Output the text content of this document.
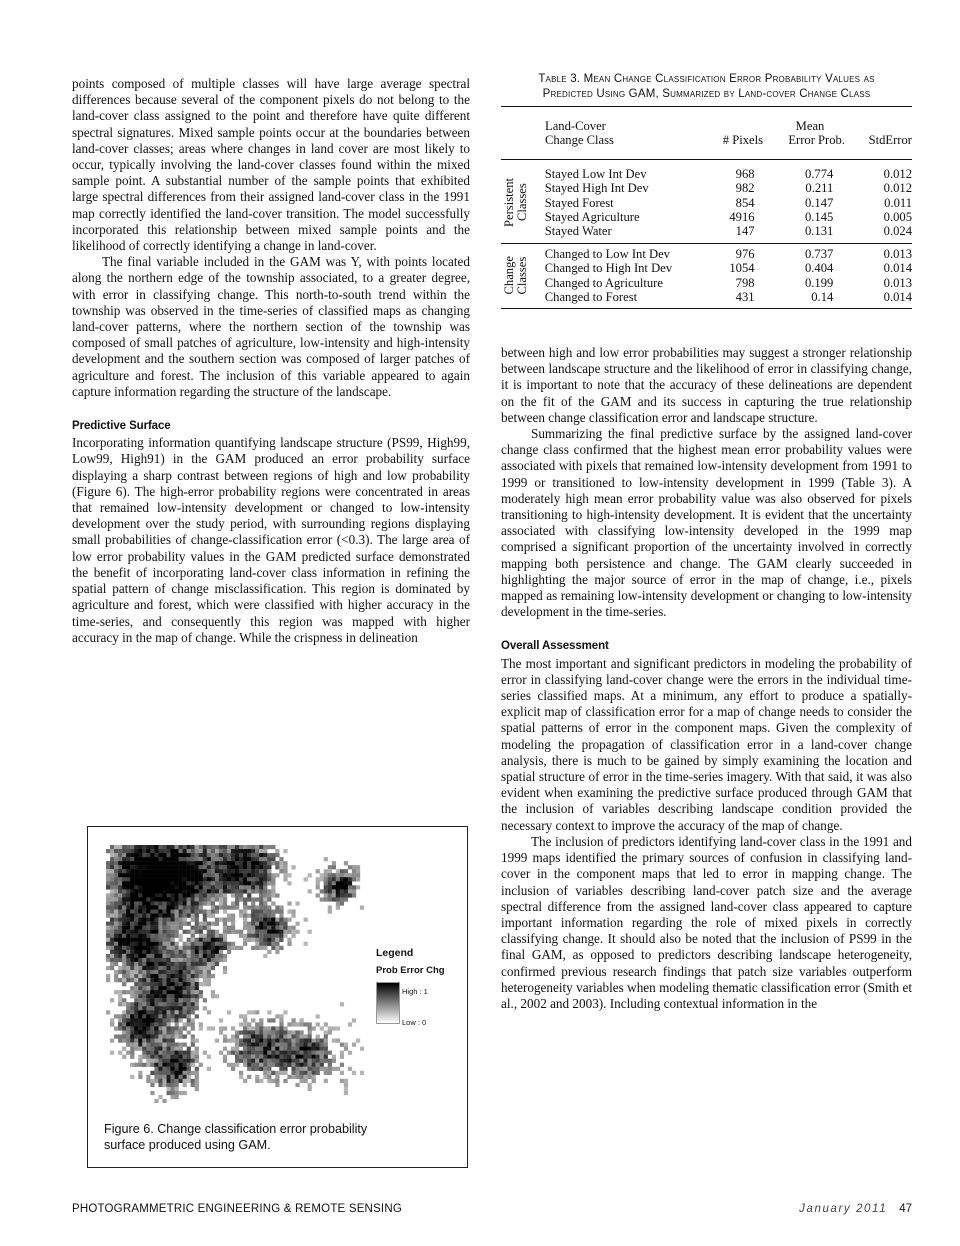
points composed of multiple classes will have large average spectral differences because several of the component pixels do not belong to the land-cover class assigned to the point and therefore have quite different spectral signatures. Mixed sample points occur at the boundaries between land-cover classes; areas where changes in land cover are most likely to occur, typically involving the land-cover classes found within the mixed sample point. A substantial number of the sample points that exhibited large spectral differences from their assigned land-cover class in the 1991 map correctly identified the land-cover transition. The model successfully incorporated this relationship between mixed sample points and the likelihood of correctly identifying a change in land-cover.

The final variable included in the GAM was Y, with points located along the northern edge of the township associated, to a greater degree, with error in classifying change. This north-to-south trend within the township was observed in the time-series of classified maps as changing land-cover patterns, where the northern section of the township was composed of small patches of agriculture, low-intensity and high-intensity development and the southern section was composed of larger patches of agriculture and forest. The inclusion of this variable appeared to again capture information regarding the structure of the landscape.

Predictive Surface

Incorporating information quantifying landscape structure (PS99, High99, Low99, High91) in the GAM produced an error probability surface displaying a sharp contrast between regions of high and low probability (Figure 6). The high-error probability regions were concentrated in areas that remained low-intensity development or changed to low-intensity development over the study period, with surrounding regions displaying small probabilities of change-classification error (<0.3). The large area of low error probability values in the GAM predicted surface demonstrated the benefit of incorporating land-cover class information in refining the spatial pattern of change misclassification. This region is dominated by agriculture and forest, which were classified with higher accuracy in the time-series, and consequently this region was mapped with higher accuracy in the map of change. While the crispness in delineation

Table 3. Mean Change Classification Error Probability Values as
Predicted Using GAM, Summarized by Land-cover Change Class

Land-Cover
Change Class	# Pixels	
Mean
Error Prob.	StdError
Persistent Classes	Stayed Low Int Dev	968	0.774	0.012
	Stayed High Int Dev	982	0.211	0.012
	Stayed Forest	854	0.147	0.011
	Stayed Agriculture	4916	0.145	0.005
	Stayed Water	147	0.131	0.024
Change Classes	Changed to Low Int Dev	976	0.737	0.013
	Changed to High Int Dev	1054	0.404	0.014
	Changed to Agriculture	798	0.199	0.013
	Changed to Forest	431	0.14	0.014

between high and low error probabilities may suggest a stronger relationship between landscape structure and the likelihood of error in classifying change, it is important to note that the accuracy of these delineations are dependent on the fit of the GAM and its success in capturing the true relationship between change classification error and landscape structure.

Summarizing the final predictive surface by the assigned land-cover change class confirmed that the highest mean error probability values were associated with pixels that remained low-intensity development from 1991 to 1999 or transitioned to low-intensity development in 1999 (Table 3). A moderately high mean error probability value was also observed for pixels transitioning to high-intensity development. It is evident that the uncertainty associated with classifying low-intensity developed in the 1999 map comprised a significant proportion of the uncertainty involved in correctly mapping both persistence and change. The GAM clearly succeeded in highlighting the major source of error in the map of change, i.e., pixels mapped as remaining low-intensity development or changing to low-intensity development in the time-series.

Overall Assessment

The most important and significant predictors in modeling the probability of error in classifying land-cover change were the errors in the individual time-series classified maps. At a minimum, any effort to produce a spatially-explicit map of classification error for a map of change needs to consider the spatial patterns of error in the component maps. Given the complexity of modeling the propagation of classification error in a land-cover change analysis, there is much to be gained by simply examining the location and spatial structure of error in the time-series imagery. With that said, it was also evident when examining the predictive surface produced through GAM that the inclusion of variables describing landscape condition provided the necessary context to improve the accuracy of the map of change.

The inclusion of predictors identifying land-cover class in the 1991 and 1999 maps identified the primary sources of confusion in classifying land-cover in the component maps that led to error in mapping change. The inclusion of variables describing land-cover patch size and the average spectral difference from the assigned land-cover class appeared to capture important information regarding the role of mixed pixels in correctly classifying change. It should also be noted that the inclusion of PS99 in the final GAM, as opposed to predictors describing landscape heterogeneity, confirmed previous research findings that patch size variables outperform heterogeneity variables when modeling thematic classification error (Smith et al., 2002 and 2003). Including contextual information in the

Legend
Prob Error Chg
High : 1
Low : 0
Figure 6. Change classification error probability
surface produced using GAM.
PHOTOGRAMMETRIC ENGINEERING & REMOTE SENSING	January 2011 47
